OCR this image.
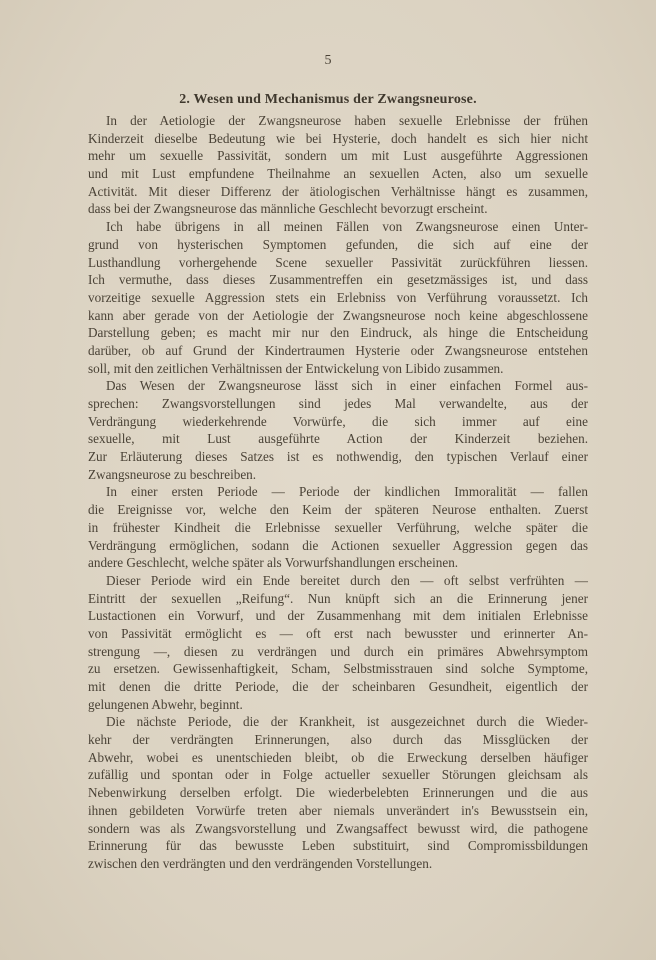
5
2. Wesen und Mechanismus der Zwangsneurose.
In der Aetiologie der Zwangsneurose haben sexuelle Erlebnisse der frühen
Kinderzeit dieselbe Bedeutung wie bei Hysterie, doch handelt es sich hier nicht
mehr um sexuelle Passivität, sondern um mit Lust ausgeführte Aggressionen
und mit Lust empfundene Theilnahme an sexuellen Acten, also um sexuelle
Activität. Mit dieser Differenz der ätiologischen Verhältnisse hängt es zusammen,
dass bei der Zwangsneurose das männliche Geschlecht bevorzugt erscheint.
Ich habe übrigens in all meinen Fällen von Zwangsneurose einen Unter-
grund von hysterischen Symptomen gefunden, die sich auf eine der
Lusthandlung vorhergehende Scene sexueller Passivität zurückführen liessen.
Ich vermuthe, dass dieses Zusammentreffen ein gesetzmässiges ist, und dass
vorzeitige sexuelle Aggression stets ein Erlebniss von Verführung voraussetzt. Ich
kann aber gerade von der Aetiologie der Zwangsneurose noch keine abgeschlossene
Darstellung geben; es macht mir nur den Eindruck, als hinge die Entscheidung
darüber, ob auf Grund der Kindertraumen Hysterie oder Zwangsneurose entstehen
soll, mit den zeitlichen Verhältnissen der Entwickelung von Libido zusammen.
Das Wesen der Zwangsneurose lässt sich in einer einfachen Formel aus-
sprechen: Zwangsvorstellungen sind jedes Mal verwandelte, aus der
Verdrängung wiederkehrende Vorwürfe, die sich immer auf eine
sexuelle, mit Lust ausgeführte Action der Kinderzeit beziehen.
Zur Erläuterung dieses Satzes ist es nothwendig, den typischen Verlauf einer
Zwangsneurose zu beschreiben.
In einer ersten Periode — Periode der kindlichen Immoralität — fallen
die Ereignisse vor, welche den Keim der späteren Neurose enthalten. Zuerst
in frühester Kindheit die Erlebnisse sexueller Verführung, welche später die
Verdrängung ermöglichen, sodann die Actionen sexueller Aggression gegen das
andere Geschlecht, welche später als Vorwurfshandlungen erscheinen.
Dieser Periode wird ein Ende bereitet durch den — oft selbst verfrühten —
Eintritt der sexuellen „Reifung“. Nun knüpft sich an die Erinnerung jener
Lustactionen ein Vorwurf, und der Zusammenhang mit dem initialen Erlebnisse
von Passivität ermöglicht es — oft erst nach bewusster und erinnerter An-
strengung —, diesen zu verdrängen und durch ein primäres Abwehrsymptom
zu ersetzen. Gewissenhaftigkeit, Scham, Selbstmisstrauen sind solche Symptome,
mit denen die dritte Periode, die der scheinbaren Gesundheit, eigentlich der
gelungenen Abwehr, beginnt.
Die nächste Periode, die der Krankheit, ist ausgezeichnet durch die Wieder-
kehr der verdrängten Erinnerungen, also durch das Missglücken der
Abwehr, wobei es unentschieden bleibt, ob die Erweckung derselben häufiger
zufällig und spontan oder in Folge actueller sexueller Störungen gleichsam als
Nebenwirkung derselben erfolgt. Die wiederbelebten Erinnerungen und die aus
ihnen gebildeten Vorwürfe treten aber niemals unverändert in's Bewusstsein ein,
sondern was als Zwangsvorstellung und Zwangsaffect bewusst wird, die pathogene
Erinnerung für das bewusste Leben substituirt, sind Compromissbildungen
zwischen den verdrängten und den verdrängenden Vorstellungen.
